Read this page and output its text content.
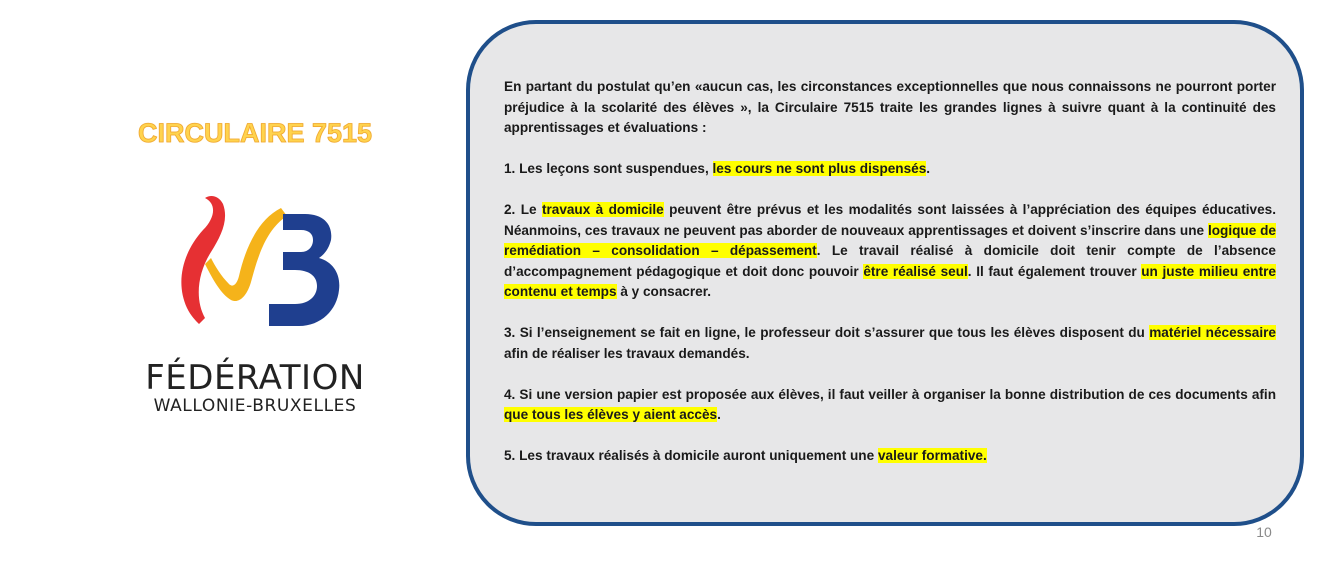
CIRCULAIRE 7515
FÉDÉRATION
WALLONIE-BRUXELLES

En partant du postulat qu’en «aucun cas, les circonstances exceptionnelles que nous connaissons ne pourront porter préjudice à la scolarité des élèves », la Circulaire 7515 traite les grandes lignes à suivre quant à la continuité des apprentissages et évaluations :

1. Les leçons sont suspendues, les cours ne sont plus dispensés.

2. Le travaux à domicile peuvent être prévus et les modalités sont laissées à l’appréciation des équipes éducatives. Néanmoins, ces travaux ne peuvent pas aborder de nouveaux apprentissages et doivent s’inscrire dans une logique de remédiation – consolidation – dépassement. Le travail réalisé à domicile doit tenir compte de l’absence d’accompagnement pédagogique et doit donc pouvoir être réalisé seul. Il faut également trouver un juste milieu entre contenu et temps à y consacrer.

3. Si l’enseignement se fait en ligne, le professeur doit s’assurer que tous les élèves disposent du matériel nécessaire afin de réaliser les travaux demandés.

4. Si une version papier est proposée aux élèves, il faut veiller à organiser la bonne distribution de ces documents afin que tous les élèves y aient accès.

5. Les travaux réalisés à domicile auront uniquement une valeur formative.

10
